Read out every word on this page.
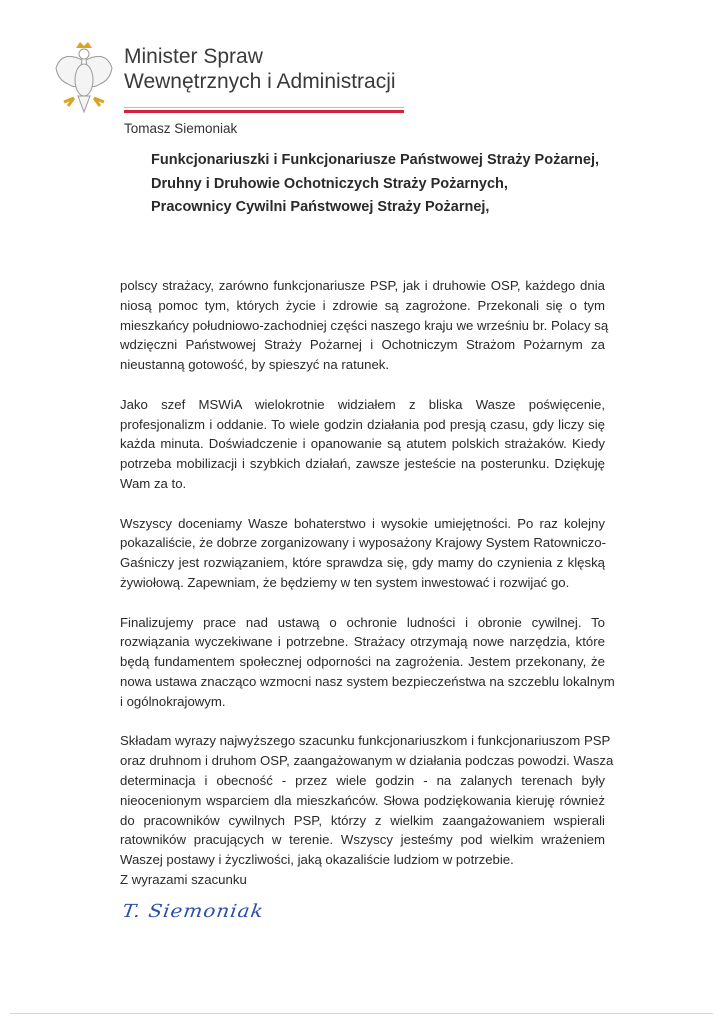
Minister Spraw
Wewnętrznych i Administracji
Tomasz Siemoniak
Funkcjonariuszki i Funkcjonariusze Państwowej Straży Pożarnej,
Druhny i Druhowie Ochotniczych Straży Pożarnych,
Pracownicy Cywilni Państwowej Straży Pożarnej,
polscy strażacy, zarówno funkcjonariusze PSP, jak i druhowie OSP, każdego dnia
niosą pomoc tym, których życie i zdrowie są zagrożone. Przekonali się o tym
mieszkańcy południowo-zachodniej części naszego kraju we wrześniu br. Polacy są
wdzięczni Państwowej Straży Pożarnej i Ochotniczym Strażom Pożarnym za
nieustanną gotowość, by spieszyć na ratunek.
Jako szef MSWiA wielokrotnie widziałem z bliska Wasze poświęcenie,
profesjonalizm i oddanie. To wiele godzin działania pod presją czasu, gdy liczy się
każda minuta. Doświadczenie i opanowanie są atutem polskich strażaków. Kiedy
potrzeba mobilizacji i szybkich działań, zawsze jesteście na posterunku. Dziękuję
Wam za to.
Wszyscy doceniamy Wasze bohaterstwo i wysokie umiejętności. Po raz kolejny
pokazaliście, że dobrze zorganizowany i wyposażony Krajowy System Ratowniczo-
Gaśniczy jest rozwiązaniem, które sprawdza się, gdy mamy do czynienia z klęską
żywiołową. Zapewniam, że będziemy w ten system inwestować i rozwijać go.
Finalizujemy prace nad ustawą o ochronie ludności i obronie cywilnej. To
rozwiązania wyczekiwane i potrzebne. Strażacy otrzymają nowe narzędzia, które
będą fundamentem społecznej odporności na zagrożenia. Jestem przekonany, że
nowa ustawa znacząco wzmocni nasz system bezpieczeństwa na szczeblu lokalnym
i ogólnokrajowym.
Składam wyrazy najwyższego szacunku funkcjonariuszkom i funkcjonariuszom PSP
oraz druhnom i druhom OSP, zaangażowanym w działania podczas powodzi. Wasza
determinacja i obecność - przez wiele godzin - na zalanych terenach były
nieocenionym wsparciem dla mieszkańców. Słowa podziękowania kieruję również
do pracowników cywilnych PSP, którzy z wielkim zaangażowaniem wspierali
ratowników pracujących w terenie. Wszyscy jesteśmy pod wielkim wrażeniem
Waszej postawy i życzliwości, jaką okazaliście ludziom w potrzebie.
Z wyrazami szacunku
T. Siemoniak
